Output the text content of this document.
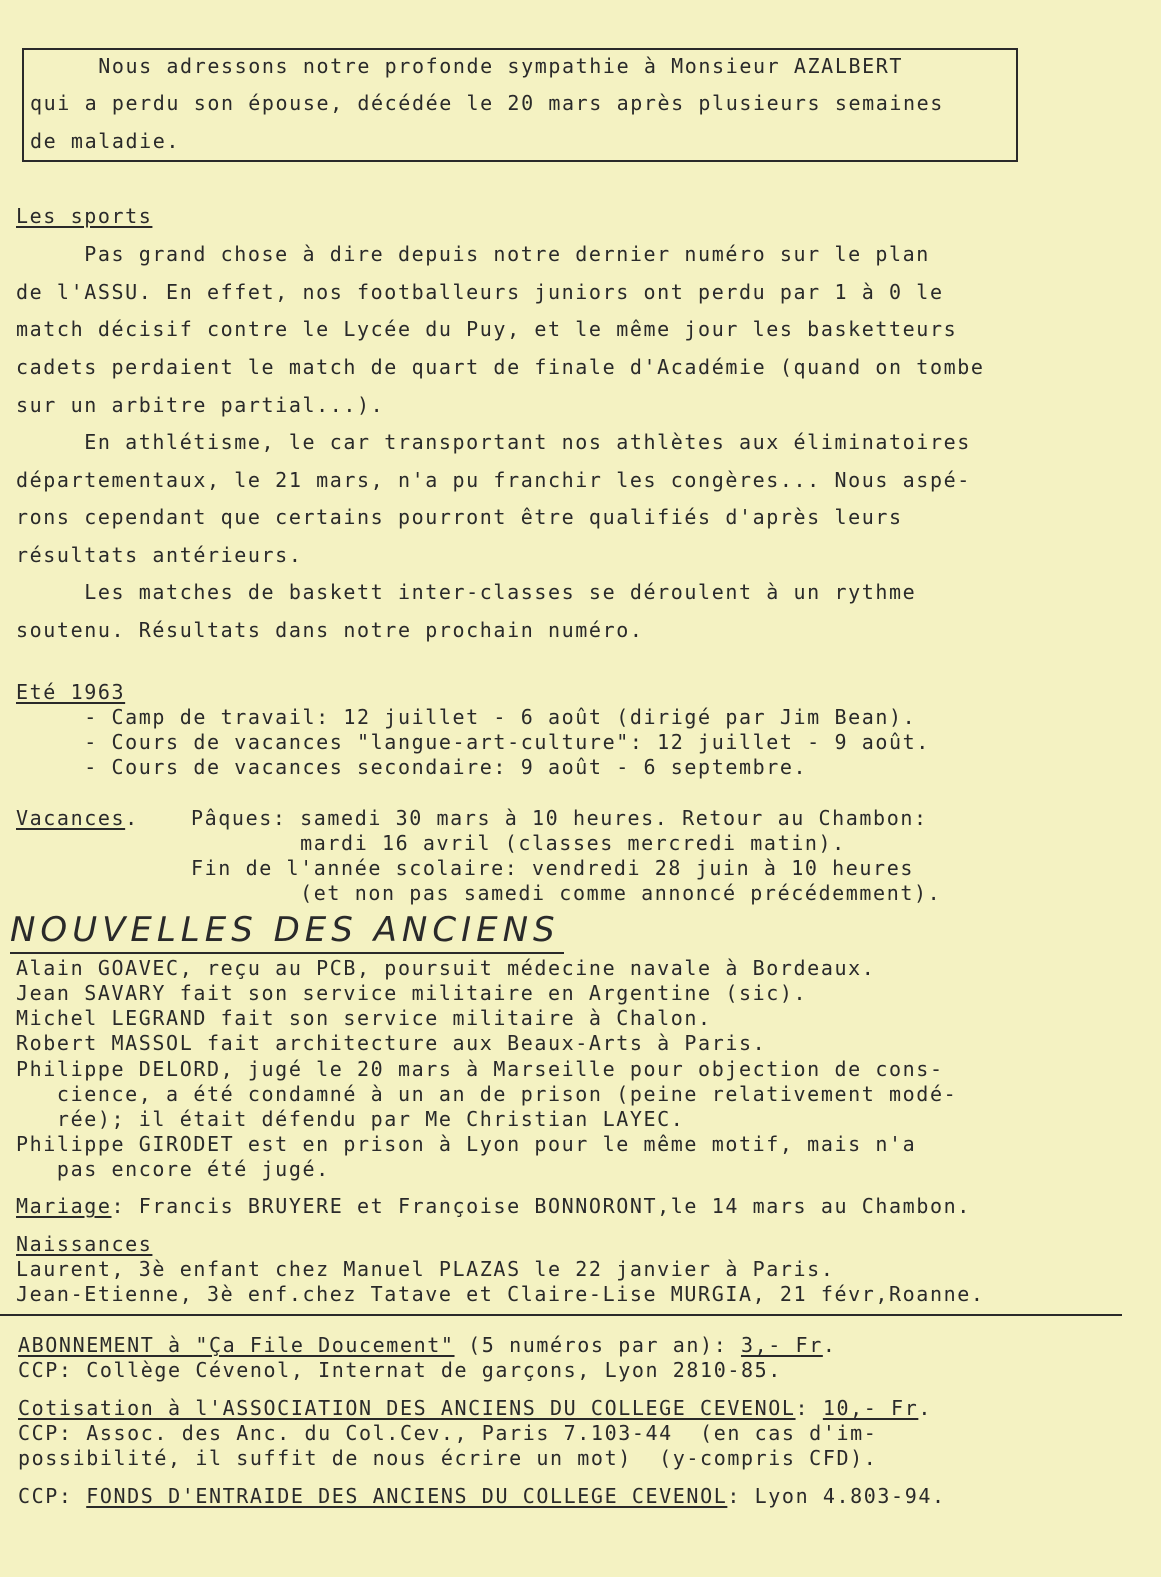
Nous adressons notre profonde sympathie à Monsieur AZALBERT
qui a perdu son épouse, décédée le 20 mars après plusieurs semaines
de maladie.
Les sports
Pas grand chose à dire depuis notre dernier numéro sur le plan
de l'ASSU. En effet, nos footballeurs juniors ont perdu par 1 à 0 le
match décisif contre le Lycée du Puy, et le même jour les basketteurs
cadets perdaient le match de quart de finale d'Académie (quand on tombe
sur un arbitre partial...).
En athlétisme, le car transportant nos athlètes aux éliminatoires
départementaux, le 21 mars, n'a pu franchir les congères... Nous aspé-
rons cependant que certains pourront être qualifiés d'après leurs
résultats antérieurs.
Les matches de baskett inter-classes se déroulent à un rythme
soutenu. Résultats dans notre prochain numéro.
Eté 1963
- Camp de travail: 12 juillet - 6 août (dirigé par Jim Bean).
- Cours de vacances "langue-art-culture": 12 juillet - 9 août.
- Cours de vacances secondaire: 9 août - 6 septembre.
Vacances.	Pâques: samedi 30 mars à 10 heures. Retour au Chambon:
mardi 16 avril (classes mercredi matin).
Fin de l'année scolaire: vendredi 28 juin à 10 heures
(et non pas samedi comme annoncé précédemment).
NOUVELLES DES ANCIENS
Alain GOAVEC, reçu au PCB, poursuit médecine navale à Bordeaux.
Jean SAVARY fait son service militaire en Argentine (sic).
Michel LEGRAND fait son service militaire à Chalon.
Robert MASSOL fait architecture aux Beaux-Arts à Paris.
Philippe DELORD, jugé le 20 mars à Marseille pour objection de cons-
cience, a été condamné à un an de prison (peine relativement modé-
rée); il était défendu par Me Christian LAYEC.
Philippe GIRODET est en prison à Lyon pour le même motif, mais n'a
pas encore été jugé.
Mariage: Francis BRUYERE et Françoise BONNORONT,le 14 mars au Chambon.
Naissances
Laurent, 3è enfant chez Manuel PLAZAS le 22 janvier à Paris.
Jean-Etienne, 3è enf.chez Tatave et Claire-Lise MURGIA, 21 févr,Roanne.
ABONNEMENT à "Ça File Doucement" (5 numéros par an): 3,- Fr.
CCP: Collège Cévenol, Internat de garçons, Lyon 2810-85.
Cotisation à l'ASSOCIATION DES ANCIENS DU COLLEGE CEVENOL: 10,- Fr.
CCP: Assoc. des Anc. du Col.Cev., Paris 7.103-44  (en cas d'im-
possibilité, il suffit de nous écrire un mot)  (y-compris CFD).
CCP: FONDS D'ENTRAIDE DES ANCIENS DU COLLEGE CEVENOL: Lyon 4.803-94.
